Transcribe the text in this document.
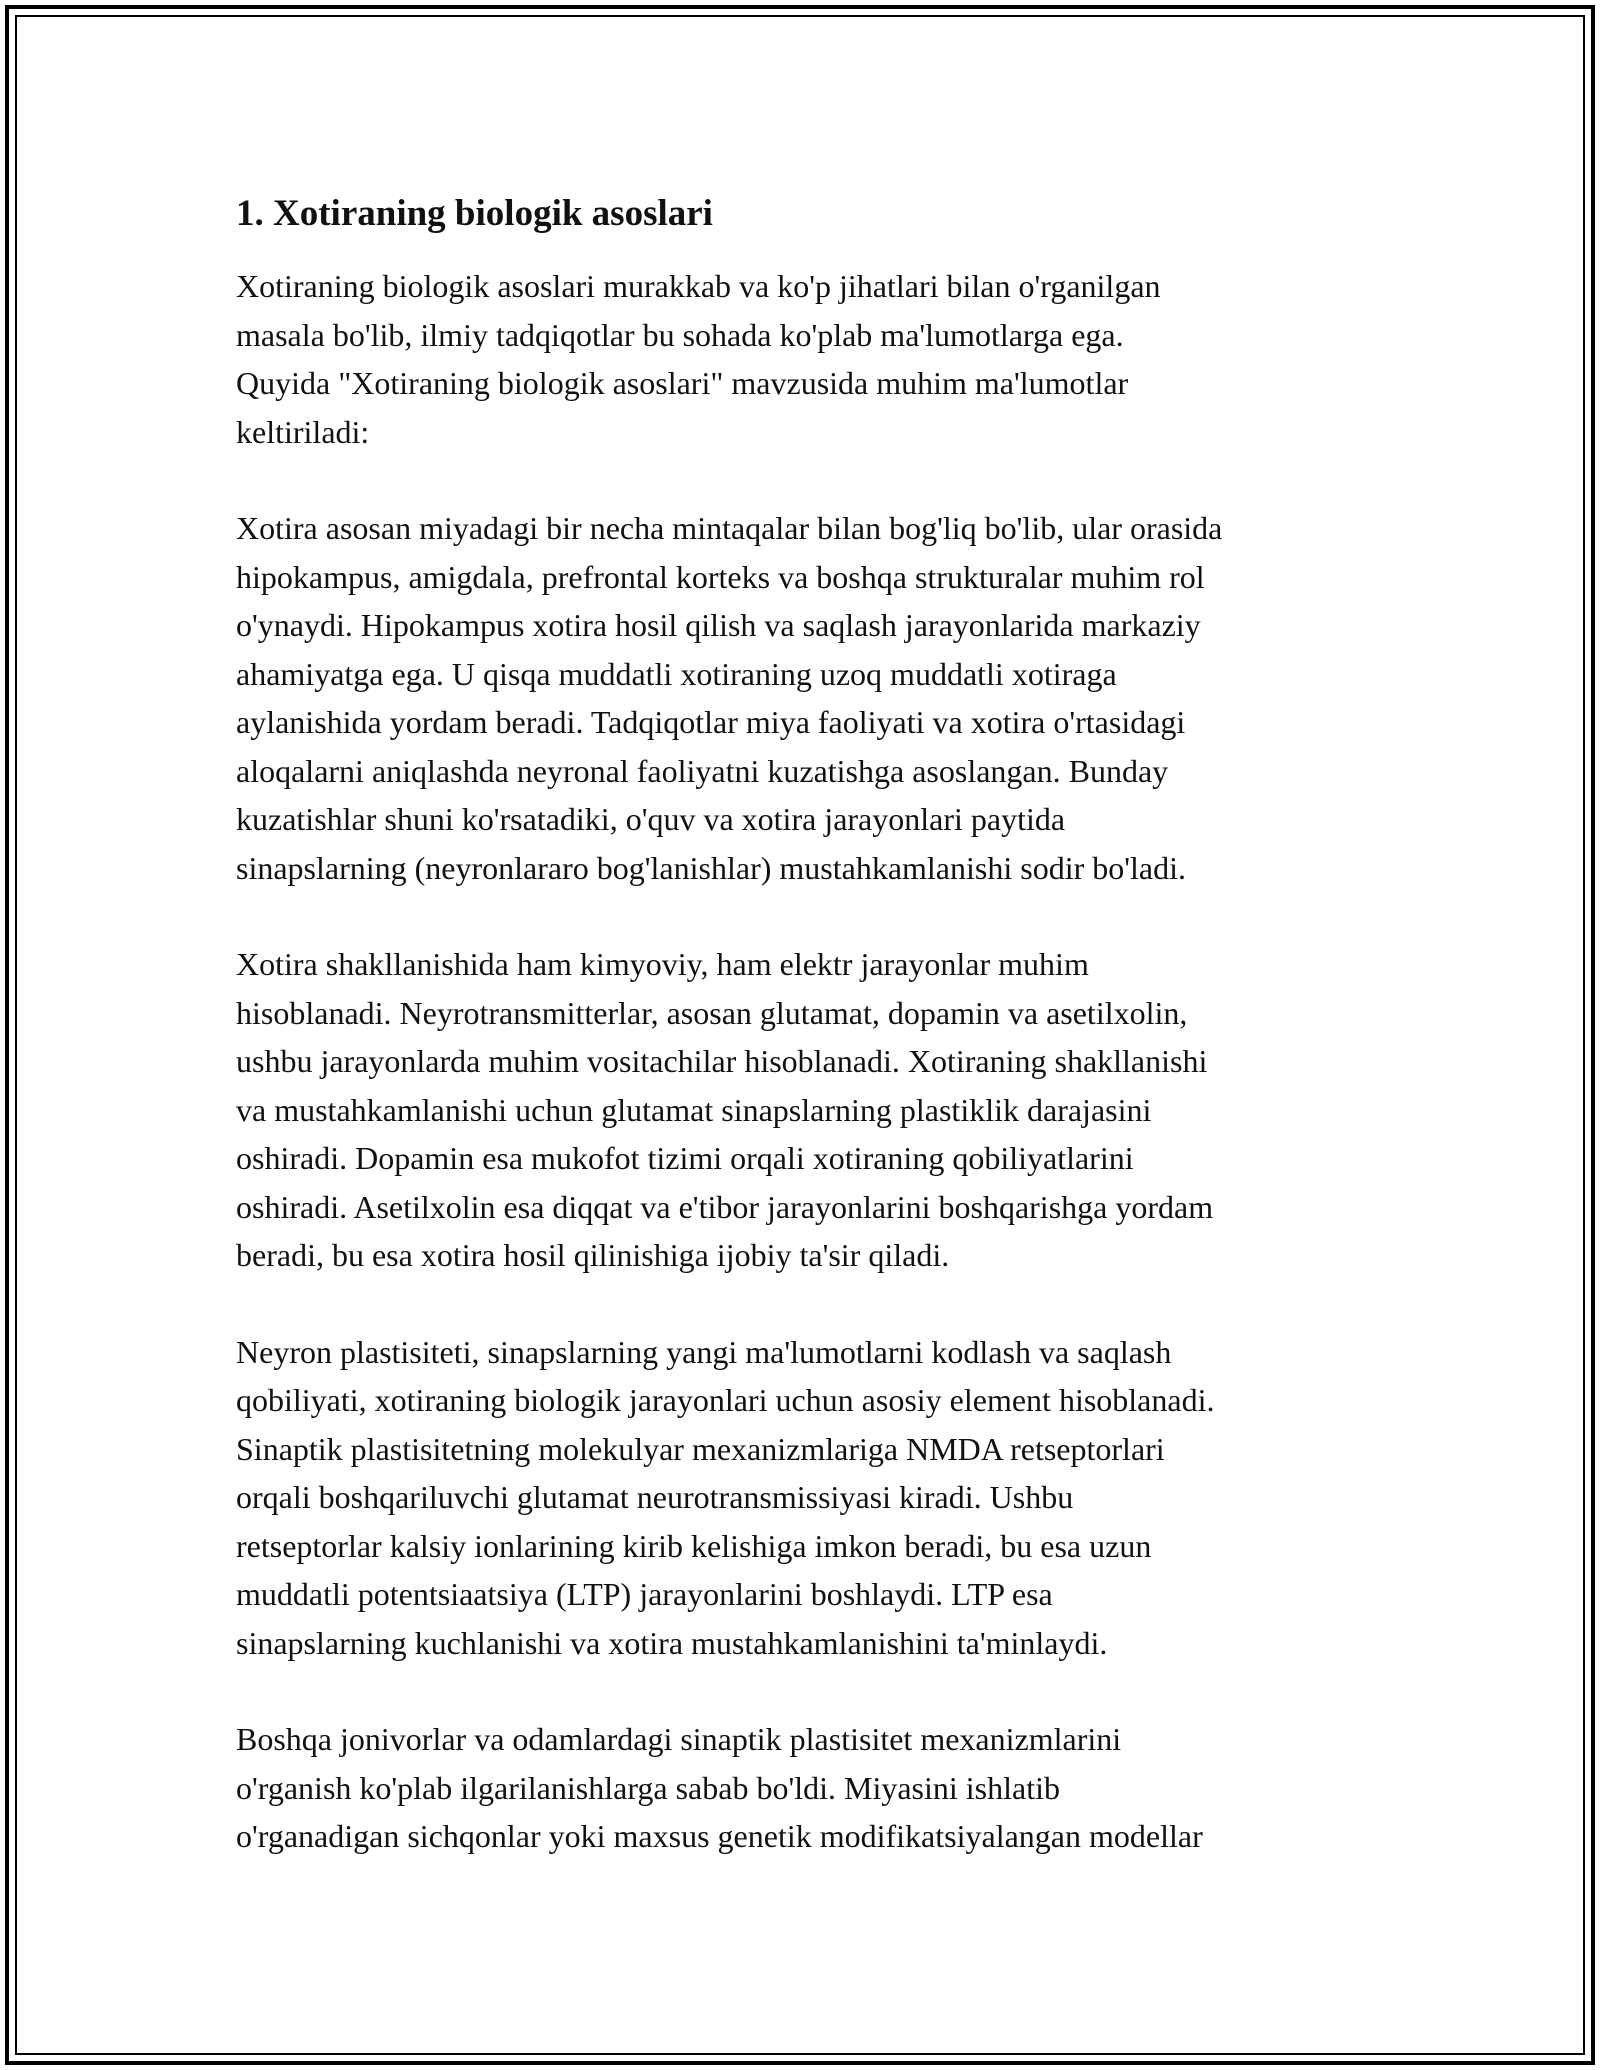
1. Xotiraning biologik asoslari

Xotiraning biologik asoslari murakkab va ko'p jihatlari bilan o'rganilgan
masala bo'lib, ilmiy tadqiqotlar bu sohada ko'plab ma'lumotlarga ega.
Quyida "Xotiraning biologik asoslari" mavzusida muhim ma'lumotlar
keltiriladi:

Xotira asosan miyadagi bir necha mintaqalar bilan bog'liq bo'lib, ular orasida
hipokampus, amigdala, prefrontal korteks va boshqa strukturalar muhim rol
o'ynaydi. Hipokampus xotira hosil qilish va saqlash jarayonlarida markaziy
ahamiyatga ega. U qisqa muddatli xotiraning uzoq muddatli xotiraga
aylanishida yordam beradi. Tadqiqotlar miya faoliyati va xotira o'rtasidagi
aloqalarni aniqlashda neyronal faoliyatni kuzatishga asoslangan. Bunday
kuzatishlar shuni ko'rsatadiki, o'quv va xotira jarayonlari paytida
sinapslarning (neyronlararo bog'lanishlar) mustahkamlanishi sodir bo'ladi.

Xotira shakllanishida ham kimyoviy, ham elektr jarayonlar muhim
hisoblanadi. Neyrotransmitterlar, asosan glutamat, dopamin va asetilxolin,
ushbu jarayonlarda muhim vositachilar hisoblanadi. Xotiraning shakllanishi
va mustahkamlanishi uchun glutamat sinapslarning plastiklik darajasini
oshiradi. Dopamin esa mukofot tizimi orqali xotiraning qobiliyatlarini
oshiradi. Asetilxolin esa diqqat va e'tibor jarayonlarini boshqarishga yordam
beradi, bu esa xotira hosil qilinishiga ijobiy ta'sir qiladi.

Neyron plastisiteti, sinapslarning yangi ma'lumotlarni kodlash va saqlash
qobiliyati, xotiraning biologik jarayonlari uchun asosiy element hisoblanadi.
Sinaptik plastisitetning molekulyar mexanizmlariga NMDA retseptorlari
orqali boshqariluvchi glutamat neurotransmissiyasi kiradi. Ushbu
retseptorlar kalsiy ionlarining kirib kelishiga imkon beradi, bu esa uzun
muddatli potentsiaatsiya (LTP) jarayonlarini boshlaydi. LTP esa
sinapslarning kuchlanishi va xotira mustahkamlanishini ta'minlaydi.

Boshqa jonivorlar va odamlardagi sinaptik plastisitet mexanizmlarini
o'rganish ko'plab ilgarilanishlarga sabab bo'ldi. Miyasini ishlatib
o'rganadigan sichqonlar yoki maxsus genetik modifikatsiyalangan modellar
